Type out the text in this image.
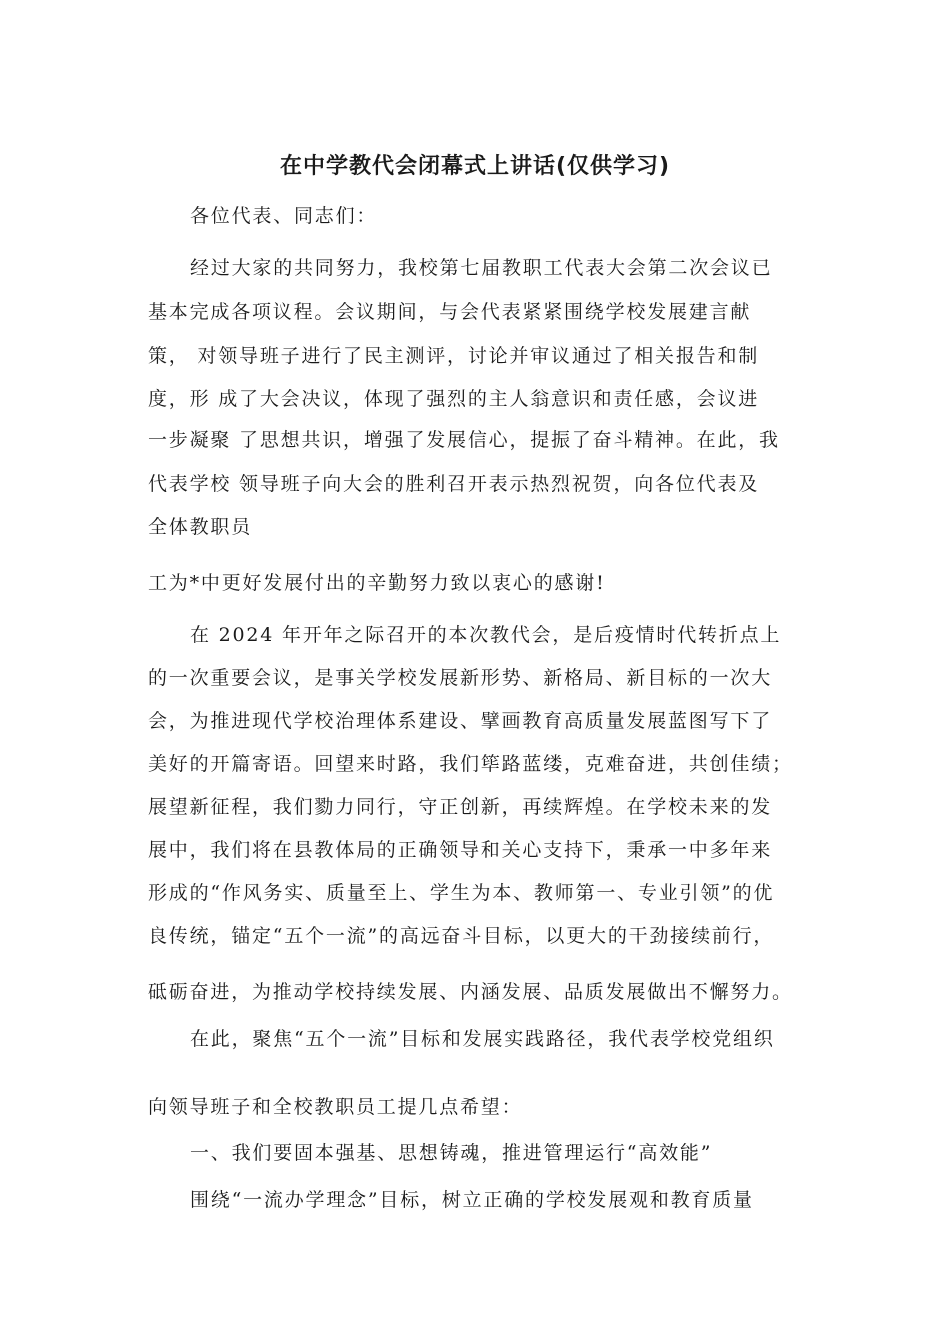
在中学教代会闭幕式上讲话(仅供学习)

各位代表、同志们：

经过大家的共同努力，我校第七届教职工代表大会第二次会议已

基本完成各项议程。会议期间，与会代表紧紧围绕学校发展建言献

策， 对领导班子进行了民主测评，讨论并审议通过了相关报告和制

度，形 成了大会决议，体现了强烈的主人翁意识和责任感，会议进

一步凝聚 了思想共识，增强了发展信心，提振了奋斗精神。在此，我

代表学校 领导班子向大会的胜利召开表示热烈祝贺，向各位代表及

全体教职员

工为*中更好发展付出的辛勤努力致以衷心的感谢!

在 2024 年开年之际召开的本次教代会，是后疫情时代转折点上

的一次重要会议，是事关学校发展新形势、新格局、新目标的一次大

会，为推进现代学校治理体系建设、擘画教育高质量发展蓝图写下了

美好的开篇寄语。回望来时路，我们筚路蓝缕，克难奋进，共创佳绩；

展望新征程，我们勠力同行，守正创新，再续辉煌。在学校未来的发

展中，我们将在县教体局的正确领导和关心支持下，秉承一中多年来

形成的“作风务实、质量至上、学生为本、教师第一、专业引领”的优

良传统，锚定“五个一流”的高远奋斗目标，以更大的干劲接续前行，

砥砺奋进，为推动学校持续发展、内涵发展、品质发展做出不懈努力。

在此，聚焦“五个一流”目标和发展实践路径，我代表学校党组织

向领导班子和全校教职员工提几点希望：

一、我们要固本强基、思想铸魂，推进管理运行“高效能”

围绕“一流办学理念”目标，树立正确的学校发展观和教育质量
